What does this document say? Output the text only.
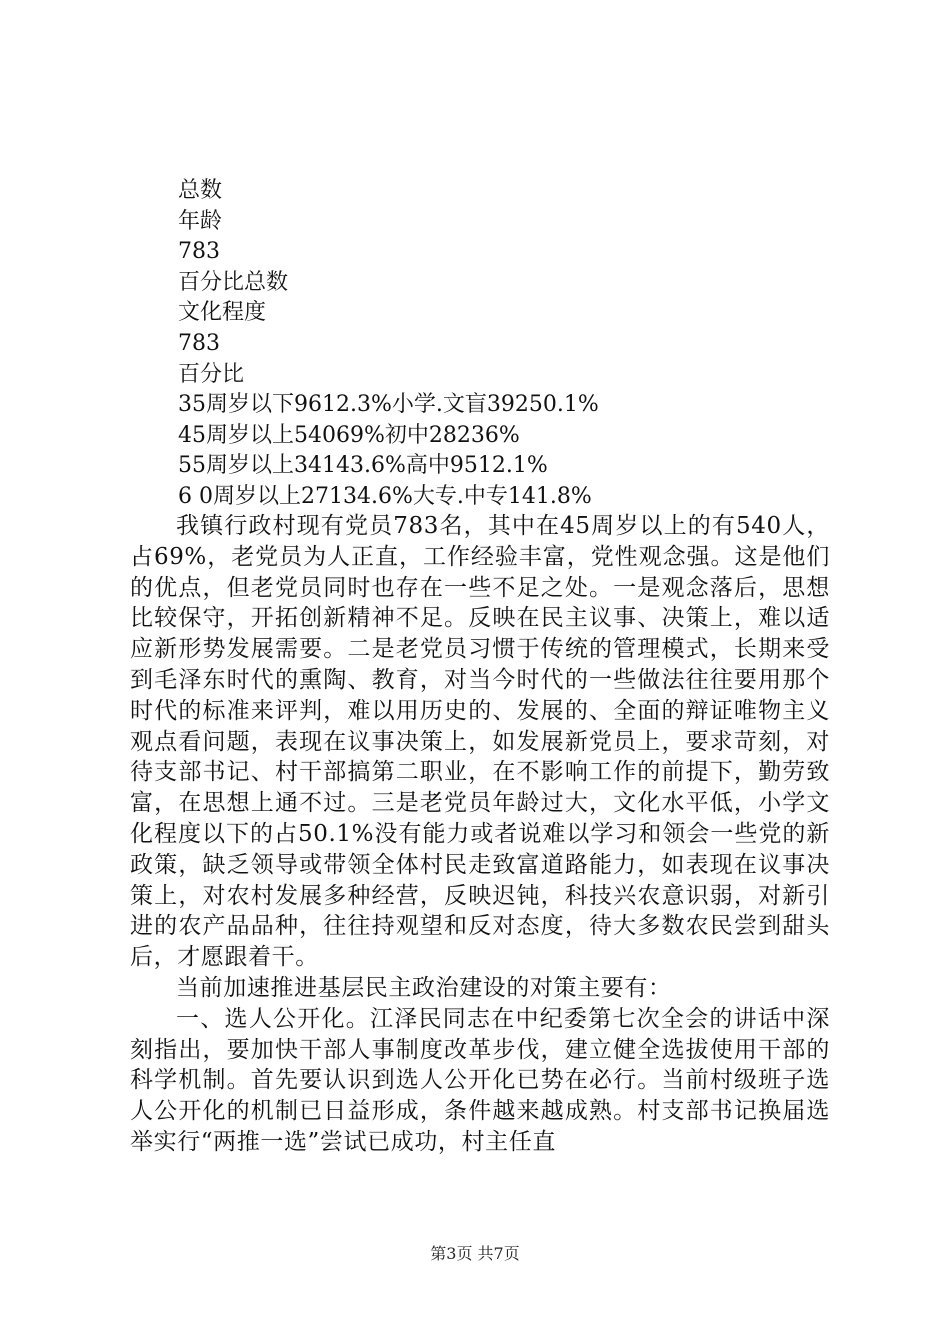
总数
年龄
783
百分比总数
文化程度
783
百分比
35周岁以下9612.3%小学.文盲39250.1%
45周岁以上54069%初中28236%
55周岁以上34143.6%高中9512.1%
6 0周岁以上27134.6%大专.中专141.8%

我镇行政村现有党员783名，其中在45周岁以上的有540人，占69%，老党员为人正直，工作经验丰富，党性观念强。这是他们的优点，但老党员同时也存在一些不足之处。一是观念落后，思想比较保守，开拓创新精神不足。反映在民主议事、决策上，难以适应新形势发展需要。二是老党员习惯于传统的管理模式，长期来受到毛泽东时代的熏陶、教育，对当今时代的一些做法往往要用那个时代的标准来评判，难以用历史的、发展的、全面的辩证唯物主义观点看问题，表现在议事决策上，如发展新党员上，要求苛刻，对待支部书记、村干部搞第二职业，在不影响工作的前提下，勤劳致富，在思想上通不过。三是老党员年龄过大，文化水平低，小学文化程度以下的占50.1%没有能力或者说难以学习和领会一些党的新政策，缺乏领导或带领全体村民走致富道路能力，如表现在议事决策上，对农村发展多种经营，反映迟钝，科技兴农意识弱，对新引进的农产品品种，往往持观望和反对态度，待大多数农民尝到甜头后，才愿跟着干。

当前加速推进基层民主政治建设的对策主要有：

一、选人公开化。江泽民同志在中纪委第七次全会的讲话中深刻指出，要加快干部人事制度改革步伐，建立健全选拔使用干部的科学机制。首先要认识到选人公开化已势在必行。当前村级班子选人公开化的机制已日益形成，条件越来越成熟。村支部书记换届选举实行“两推一选”尝试已成功，村主任直

第3页 共7页
